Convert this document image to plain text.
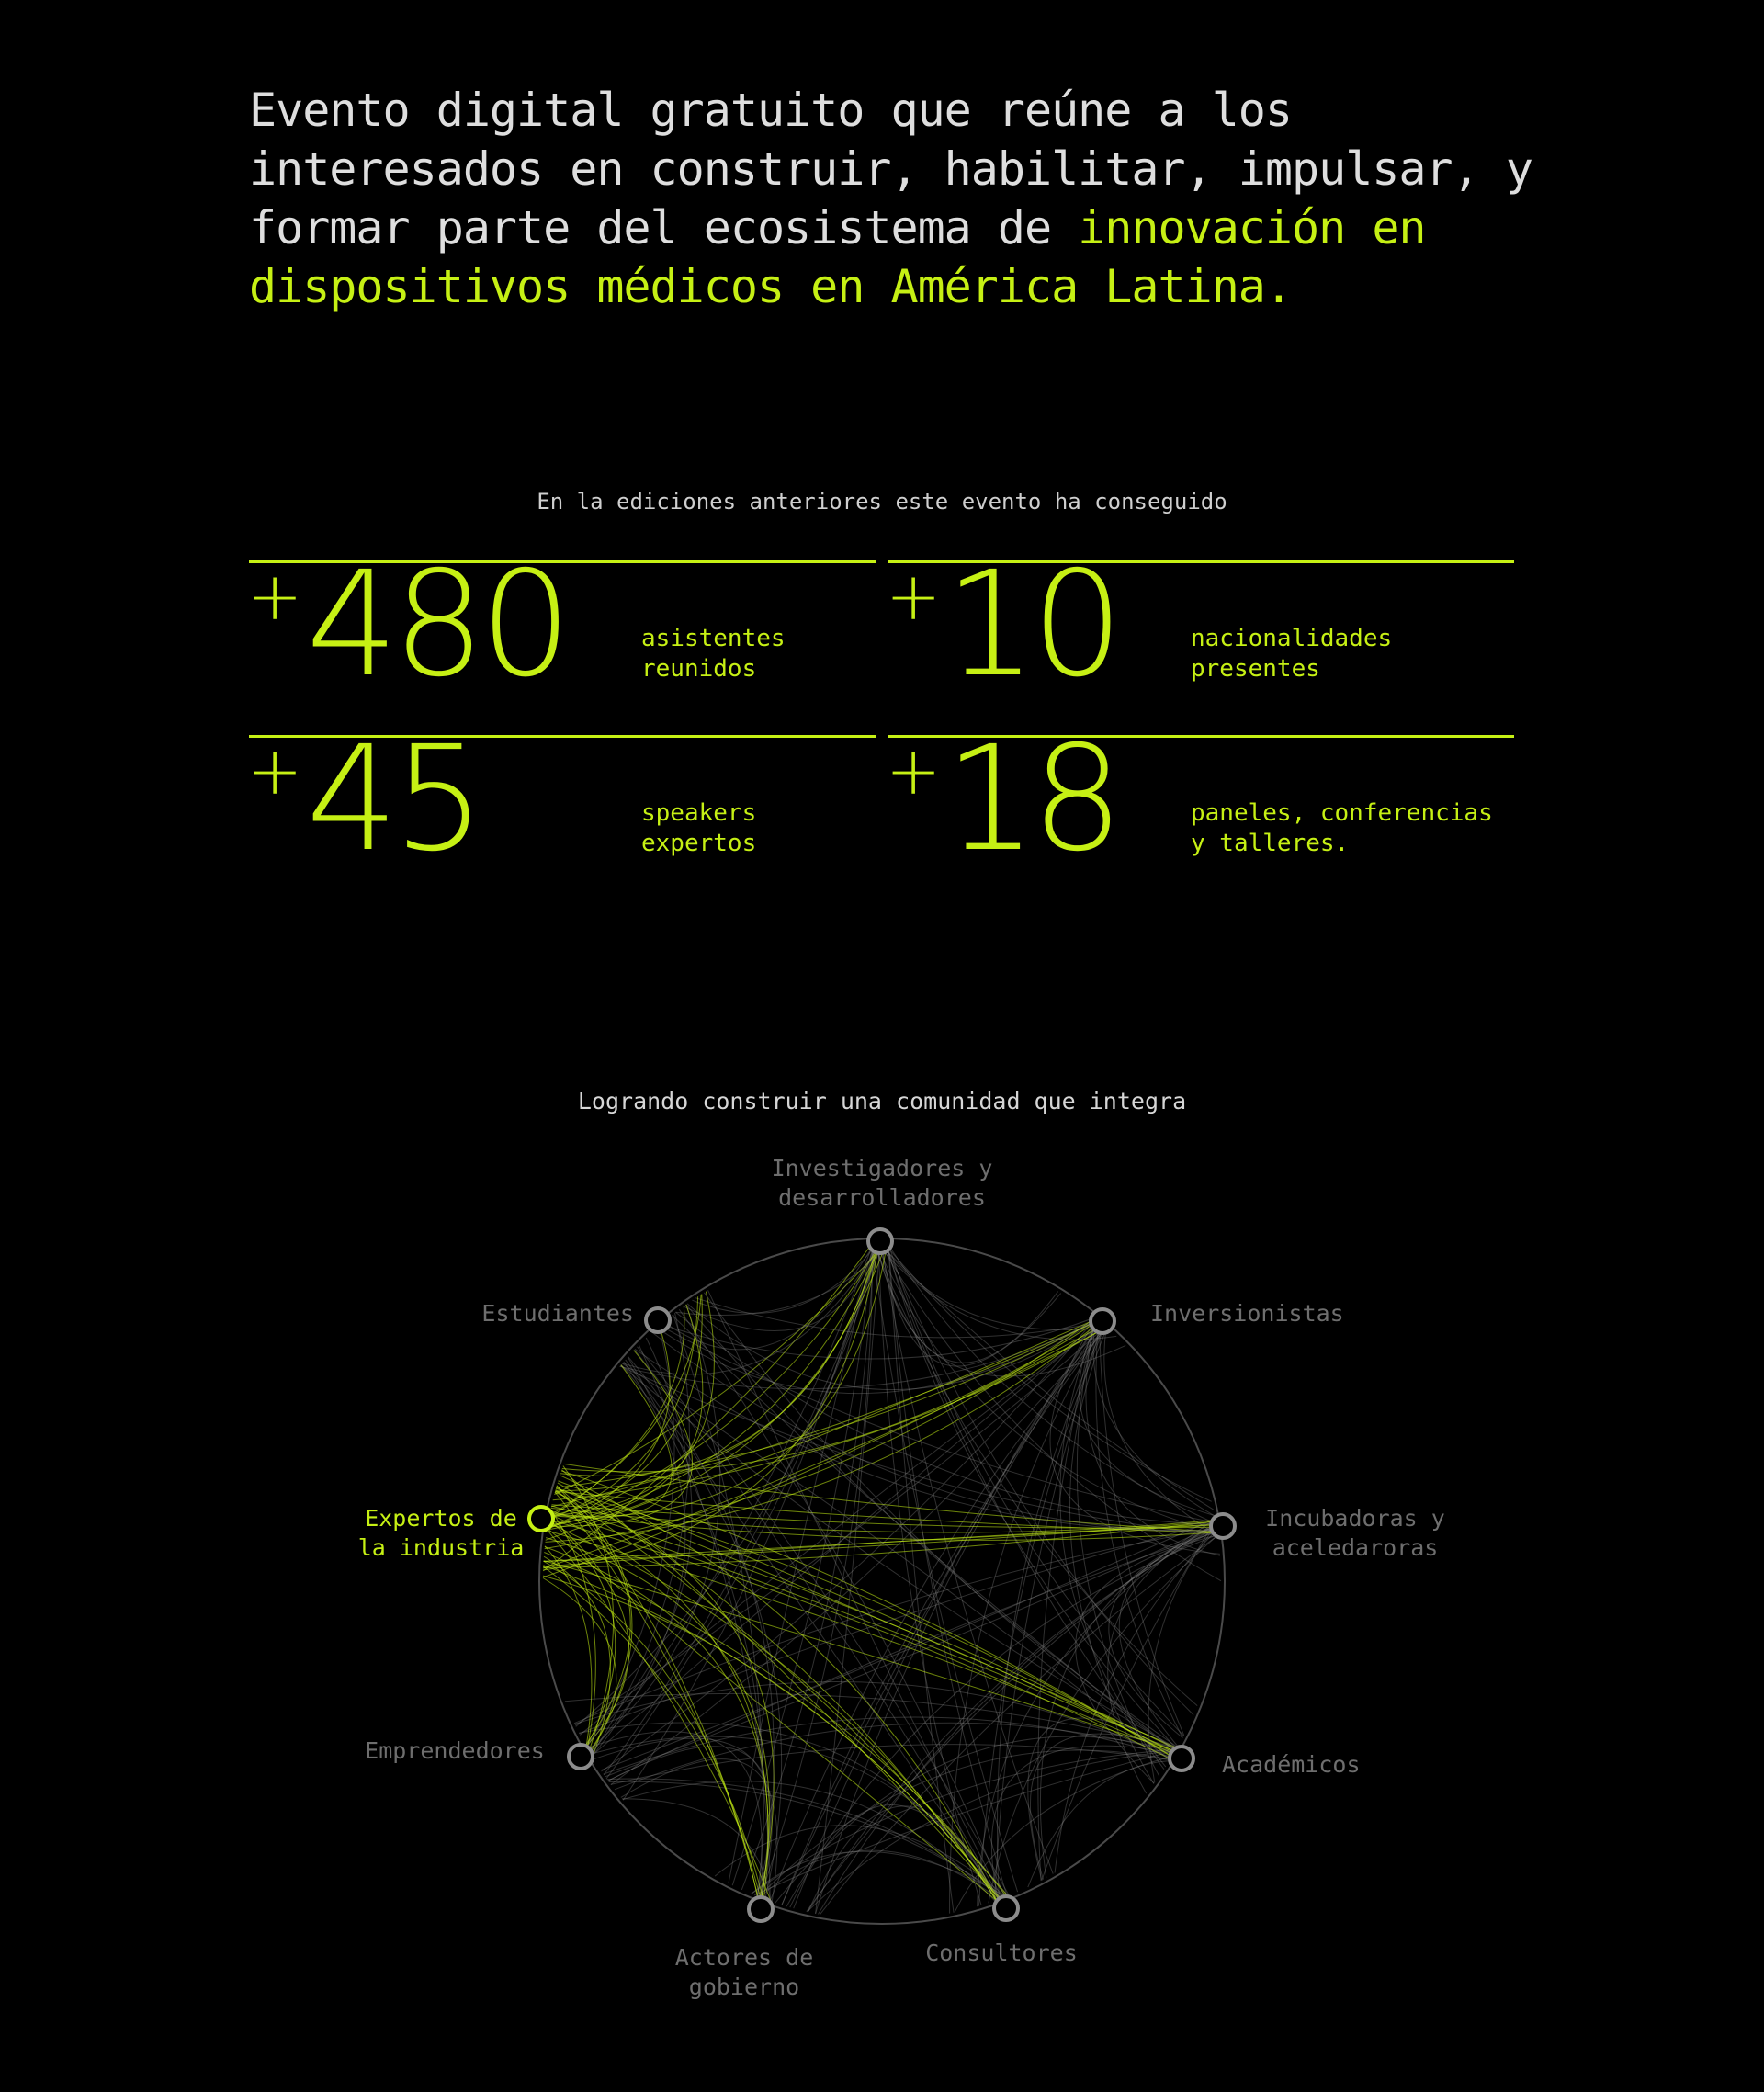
Evento digital gratuito que reúne a los interesados en construir, habilitar, impulsar, y formar parte del ecosistema de innovación en dispositivos médicos en América Latina.
En la ediciones anteriores este evento ha conseguido
+ 480	asistentes
reunidos
+ 10	nacionalidades
presentes
+ 45	speakers
expertos
+ 18	paneles, conferencias
y talleres.
Logrando construir una comunidad que integra
Investigadores y
desarrolladores
Inversionistas
Incubadoras y
aceledaroras
Académicos
Consultores
Actores de
gobierno
Emprendedores
Expertos de
la industria
Estudiantes
